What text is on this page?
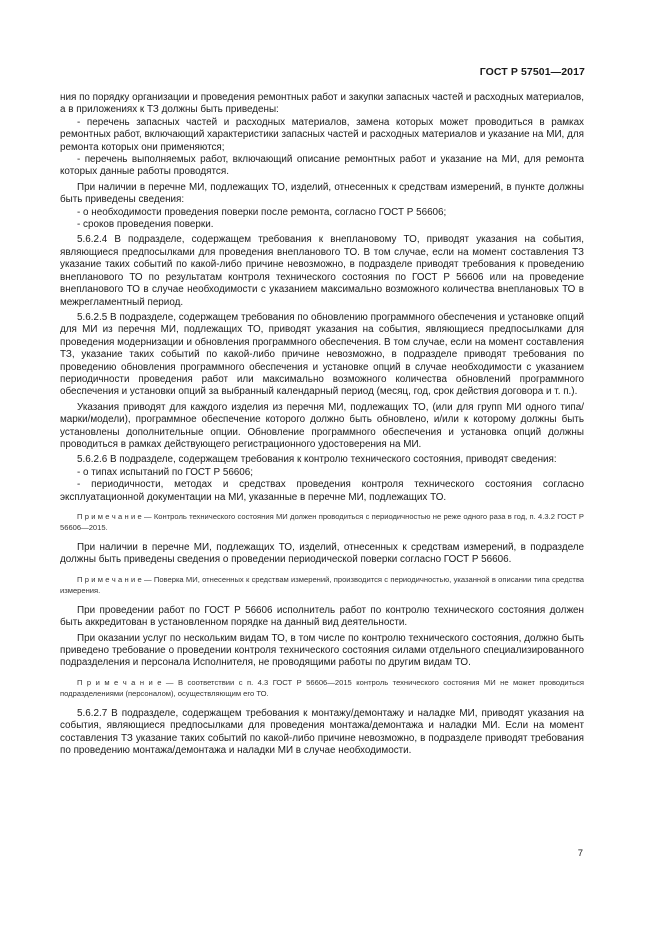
ГОСТ Р 57501—2017

ния по порядку организации и проведения ремонтных работ и закупки запасных частей и расходных материалов, а в приложениях к ТЗ должны быть приведены:

- перечень запасных частей и расходных материалов, замена которых может проводиться в рамках ремонтных работ, включающий характеристики запасных частей и расходных материалов и указание на МИ, для ремонта которых они применяются;

- перечень выполняемых работ, включающий описание ремонтных работ и указание на МИ, для ремонта которых данные работы проводятся.

При наличии в перечне МИ, подлежащих ТО, изделий, отнесенных к средствам измерений, в пункте должны быть приведены сведения:

- о необходимости проведения поверки после ремонта, согласно ГОСТ Р 56606;

- сроков проведения поверки.

5.6.2.4 В подразделе, содержащем требования к внеплановому ТО, приводят указания на события, являющиеся предпосылками для проведения внепланового ТО. В том случае, если на момент составления ТЗ указание таких событий по какой-либо причине невозможно, в подразделе приводят требования к проведению внепланового ТО по результатам контроля технического состояния по ГОСТ Р 56606 или на проведение внепланового ТО в случае необходимости с указанием максимально возможного количества внеплановых ТО в межрегламентный период.

5.6.2.5 В подразделе, содержащем требования по обновлению программного обеспечения и установке опций для МИ из перечня МИ, подлежащих ТО, приводят указания на события, являющиеся предпосылками для проведения модернизации и обновления программного обеспечения. В том случае, если на момент составления ТЗ, указание таких событий по какой-либо причине невозможно, в подразделе приводят требования по проведению обновления программного обеспечения и установке опций в случае необходимости с указанием периодичности проведения работ или максимально возможного количества обновлений программного обеспечения и установки опций за выбранный календарный период (месяц, год, срок действия договора и т. п.).

Указания приводят для каждого изделия из перечня МИ, подлежащих ТО, (или для групп МИ одного типа/марки/модели), программное обеспечение которого должно быть обновлено, и/или к которому должны быть установлены дополнительные опции. Обновление программного обеспечения и установка опций должны проводиться в рамках действующего регистрационного удостоверения на МИ.

5.6.2.6 В подразделе, содержащем требования к контролю технического состояния, приводят сведения:

- о типах испытаний по ГОСТ Р 56606;

- периодичности, методах и средствах проведения контроля технического состояния согласно эксплуатационной документации на МИ, указанные в перечне МИ, подлежащих ТО.

П р и м е ч а н и е — Контроль технического состояния МИ должен проводиться с периодичностью не реже одного раза в год, п. 4.3.2 ГОСТ Р 56606—2015.

При наличии в перечне МИ, подлежащих ТО, изделий, отнесенных к средствам измерений, в подразделе должны быть приведены сведения о проведении периодической поверки согласно ГОСТ Р 56606.

П р и м е ч а н и е — Поверка МИ, отнесенных к средствам измерений, производится с периодичностью, указанной в описании типа средства измерения.

При проведении работ по ГОСТ Р 56606 исполнитель работ по контролю технического состояния должен быть аккредитован в установленном порядке на данный вид деятельности.

При оказании услуг по нескольким видам ТО, в том числе по контролю технического состояния, должно быть приведено требование о проведении контроля технического состояния силами отдельного специализированного подразделения и персонала Исполнителя, не проводящими работы по другим видам ТО.

П р и м е ч а н и е — В соответствии с п. 4.3 ГОСТ Р 56606—2015 контроль технического состояния МИ не может проводиться подразделениями (персоналом), осуществляющим его ТО.

5.6.2.7 В подразделе, содержащем требования к монтажу/демонтажу и наладке МИ, приводят указания на события, являющиеся предпосылками для проведения монтажа/демонтажа и наладки МИ. Если на момент составления ТЗ указание таких событий по какой-либо причине невозможно, в подразделе приводят требования по проведению монтажа/демонтажа и наладки МИ в случае необходимости.

7
